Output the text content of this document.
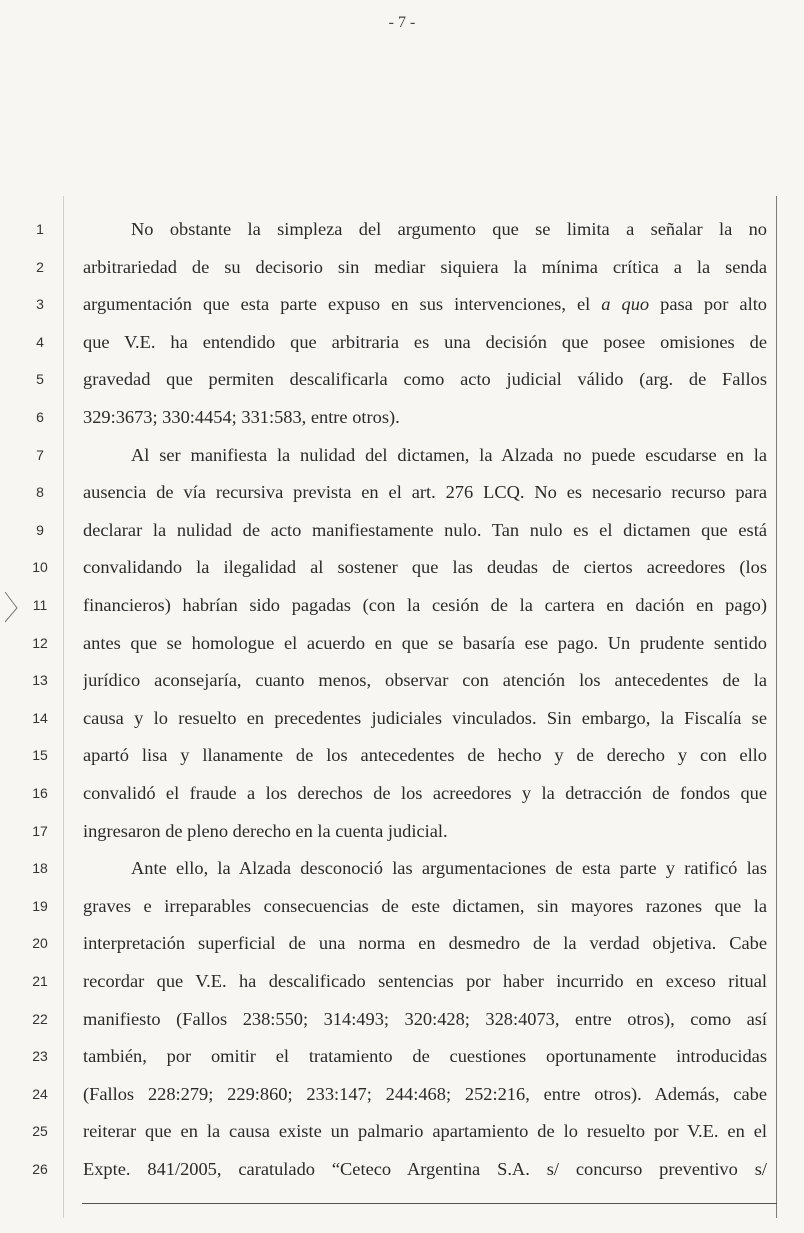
- 7 -
1	No obstante la simpleza del argumento que se limita a señalar la no
2	arbitrariedad de su decisorio sin mediar siquiera la mínima crítica a la senda
3	argumentación que esta parte expuso en sus intervenciones, el a quo pasa por alto
4	que V.E. ha entendido que arbitraria es una decisión que posee omisiones de
5	gravedad que permiten descalificarla como acto judicial válido (arg. de Fallos
6	329:3673; 330:4454; 331:583, entre otros).
7	Al ser manifiesta la nulidad del dictamen, la Alzada no puede escudarse en la
8	ausencia de vía recursiva prevista en el art. 276 LCQ. No es necesario recurso para
9	declarar la nulidad de acto manifiestamente nulo. Tan nulo es el dictamen que está
10	convalidando la ilegalidad al sostener que las deudas de ciertos acreedores (los
11	financieros) habrían sido pagadas (con la cesión de la cartera en dación en pago)
12	antes que se homologue el acuerdo en que se basaría ese pago. Un prudente sentido
13	jurídico aconsejaría, cuanto menos, observar con atención los antecedentes de la
14	causa y lo resuelto en precedentes judiciales vinculados. Sin embargo, la Fiscalía se
15	apartó lisa y llanamente de los antecedentes de hecho y de derecho y con ello
16	convalidó el fraude a los derechos de los acreedores y la detracción de fondos que
17	ingresaron de pleno derecho en la cuenta judicial.
18	Ante ello, la Alzada desconoció las argumentaciones de esta parte y ratificó las
19	graves e irreparables consecuencias de este dictamen, sin mayores razones que la
20	interpretación superficial de una norma en desmedro de la verdad objetiva. Cabe
21	recordar que V.E. ha descalificado sentencias por haber incurrido en exceso ritual
22	manifiesto (Fallos 238:550; 314:493; 320:428; 328:4073, entre otros), como así
23	también, por omitir el tratamiento de cuestiones oportunamente introducidas
24	(Fallos 228:279; 229:860; 233:147; 244:468; 252:216, entre otros). Además, cabe
25	reiterar que en la causa existe un palmario apartamiento de lo resuelto por V.E. en el
26	Expte. 841/2005, caratulado “Ceteco Argentina S.A. s/ concurso preventivo s/
